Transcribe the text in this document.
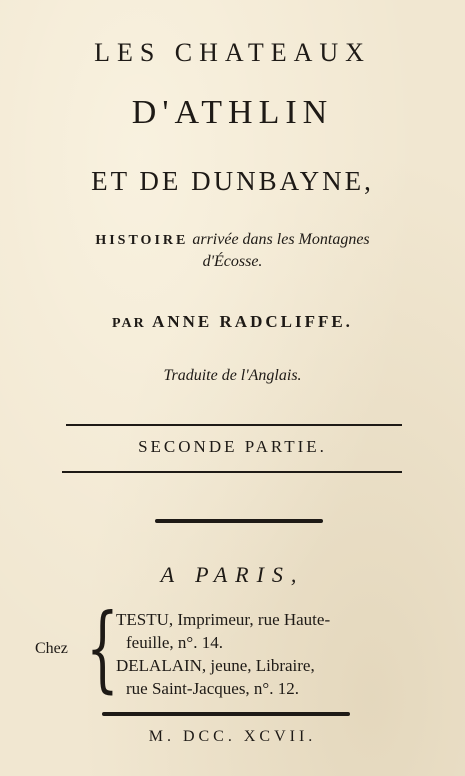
LES CHATEAUX
D'ATHLIN
ET DE DUNBAYNE,
HISTOIRE arrivée dans les Montagnes
d'Écosse.
PAR ANNE RADCLIFFE.
Traduite de l'Anglais.
SECONDE PARTIE.
A PARIS,
Chez {
TESTU, Imprimeur, rue Haute-
feuille, n°. 14.
DELALAIN, jeune, Libraire,
rue Saint-Jacques, n°. 12.
M. DCC. XCVII.
